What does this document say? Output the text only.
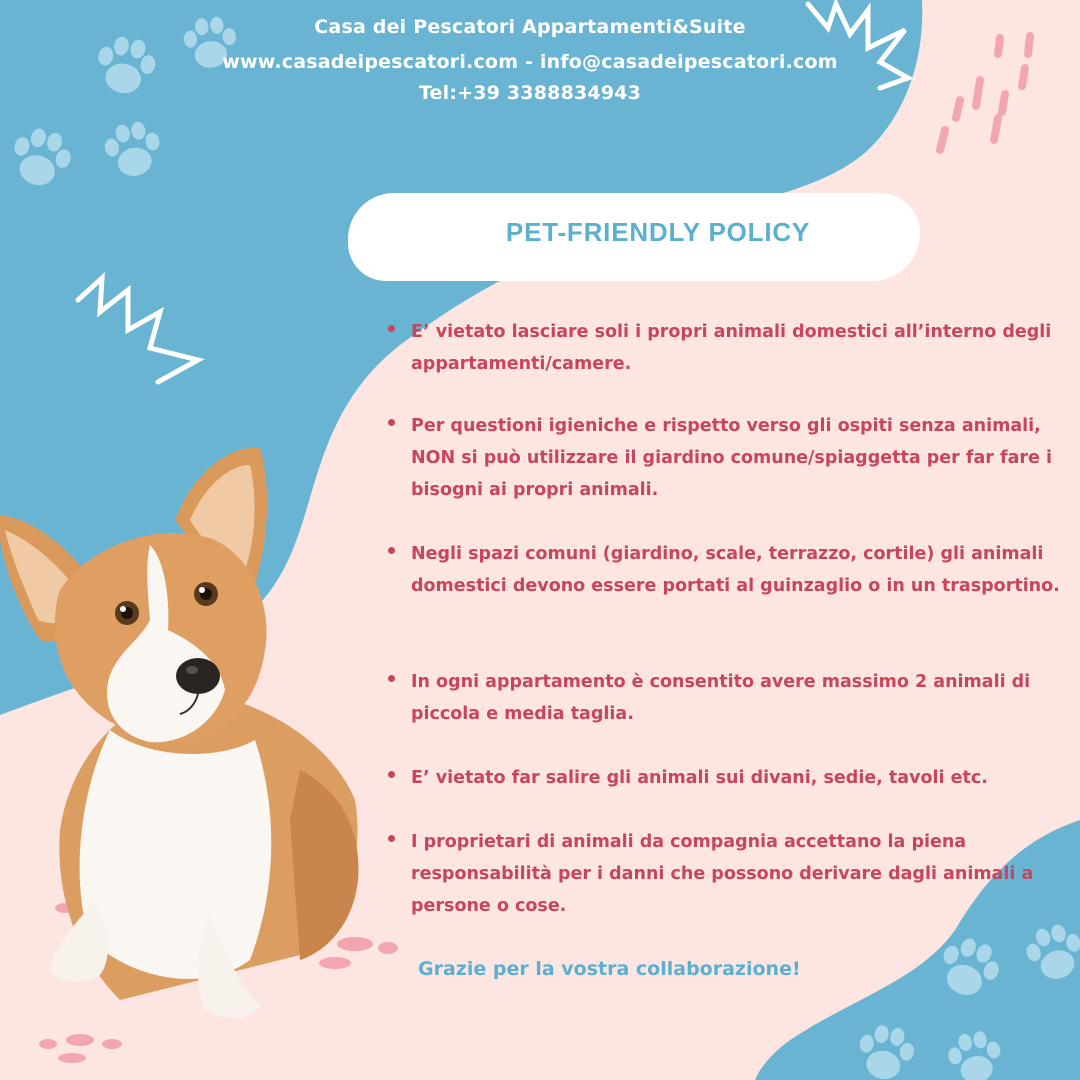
Casa dei Pescatori Appartamenti&Suite
www.casadeipescatori.com - info@casadeipescatori.com
Tel:+39 3388834943
PET-FRIENDLY POLICY
E’ vietato lasciare soli i propri animali domestici all’interno degli appartamenti/camere.
Per questioni igieniche e rispetto verso gli ospiti senza animali, NON si può utilizzare il giardino comune/spiaggetta per far fare i bisogni ai propri animali.
Negli spazi comuni (giardino, scale, terrazzo, cortile) gli animali domestici devono essere portati al guinzaglio o in un trasportino.
In ogni appartamento è consentito avere massimo 2 animali di piccola e media taglia.
E’ vietato far salire gli animali sui divani, sedie, tavoli etc.
I proprietari di animali da compagnia accettano la piena responsabilità per i danni che possono derivare dagli animali a persone o cose.
Grazie per la vostra collaborazione!
